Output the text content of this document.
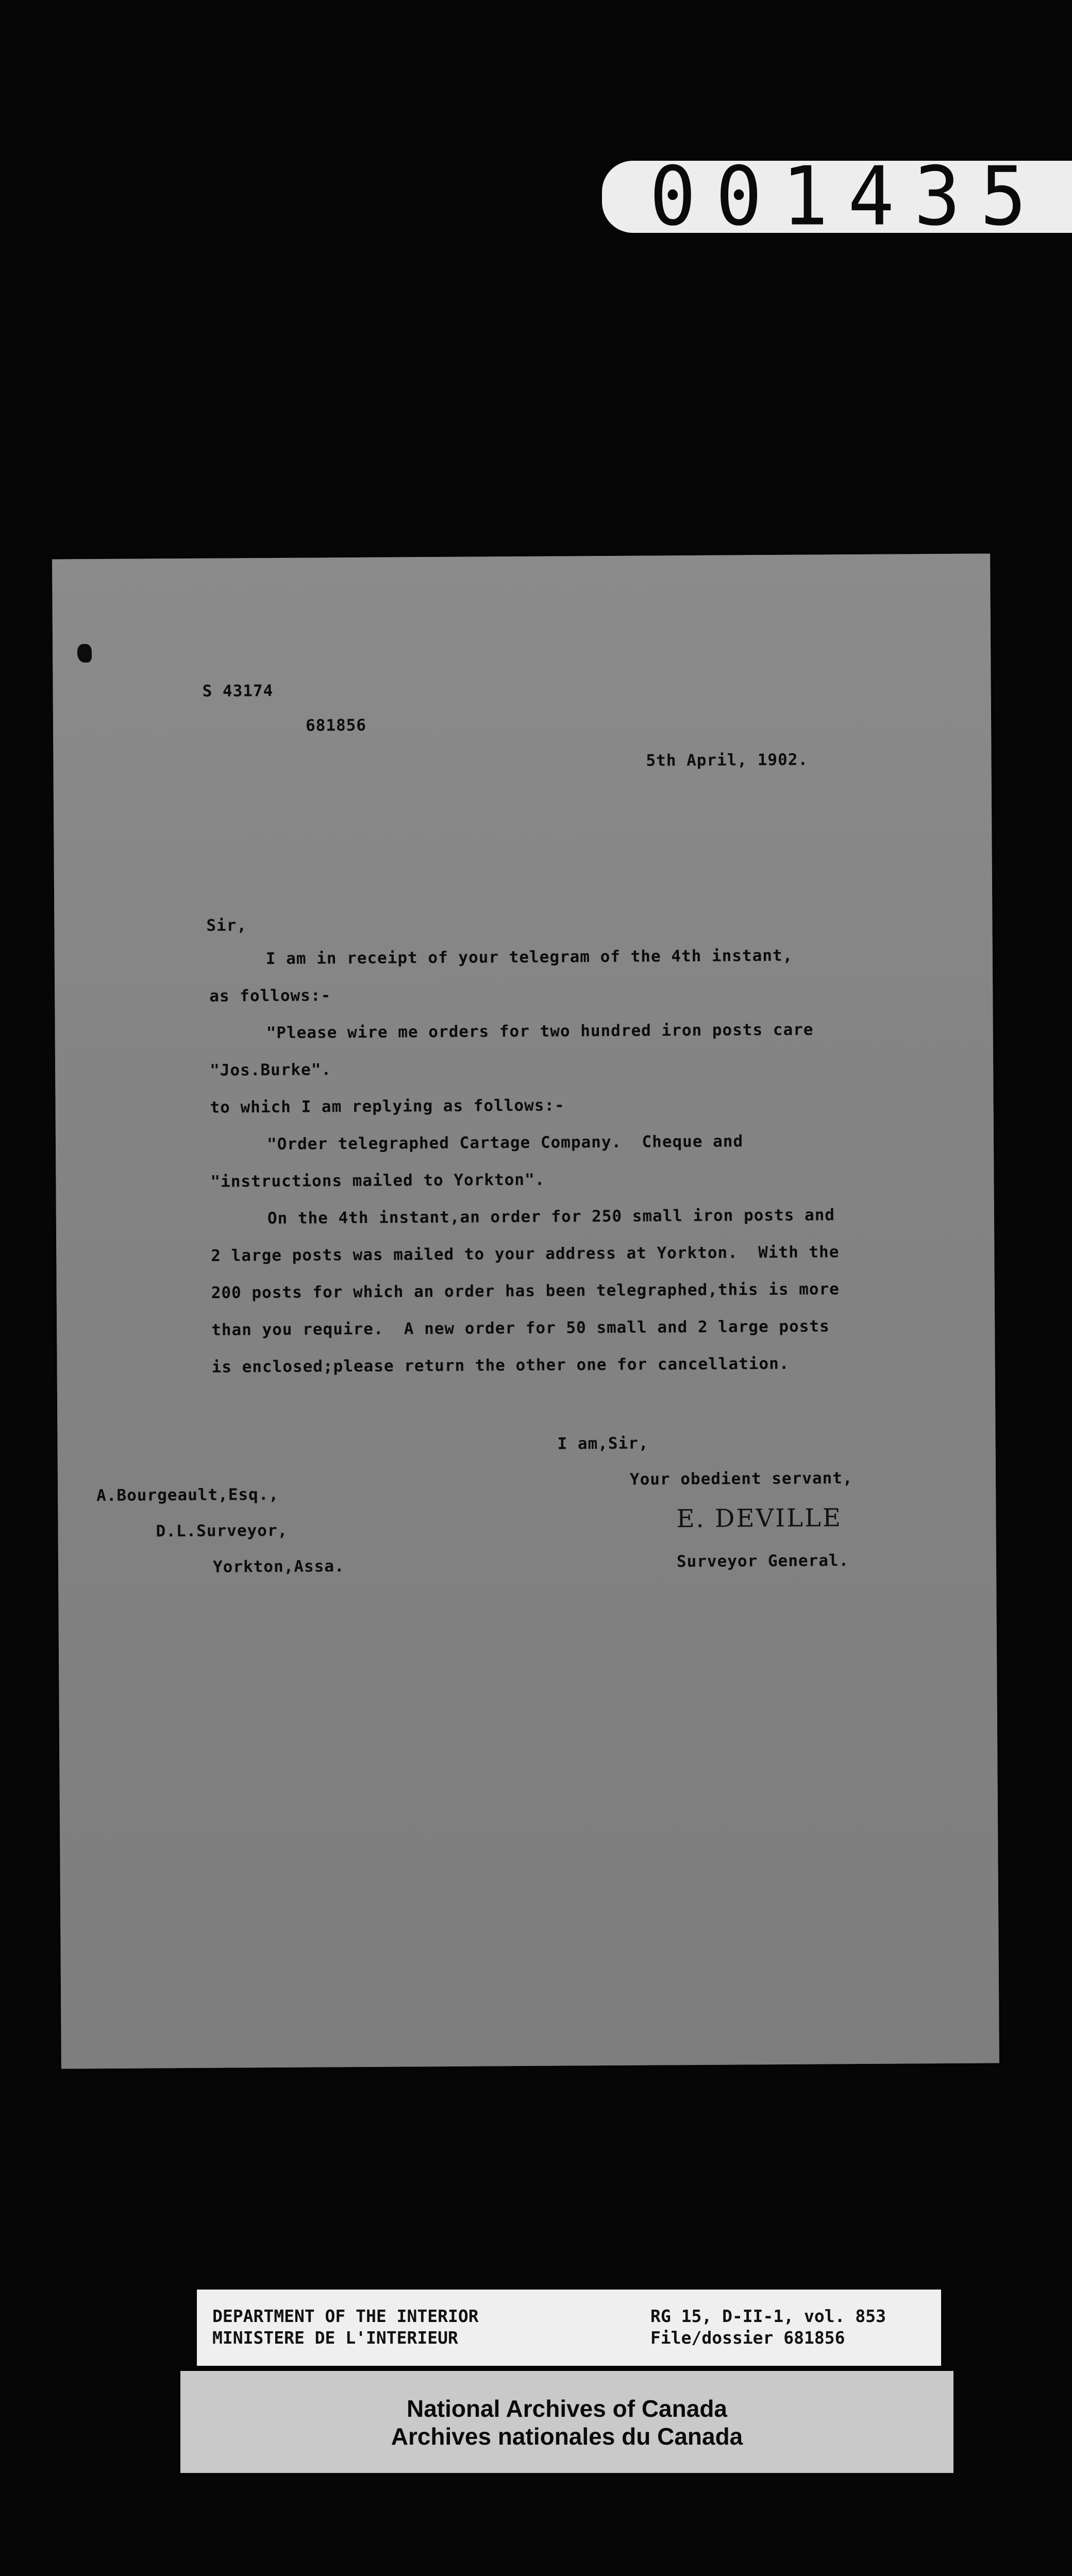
001435
S 43174
681856
5th April, 1902.
Sir,
I am in receipt of your telegram of the 4th instant,
as follows:-
"Please wire me orders for two hundred iron posts care
"Jos.Burke".
to which I am replying as follows:-
"Order telegraphed Cartage Company.  Cheque and
"instructions mailed to Yorkton".
On the 4th instant,an order for 250 small iron posts and
2 large posts was mailed to your address at Yorkton.  With the
200 posts for which an order has been telegraphed,this is more
than you require.  A new order for 50 small and 2 large posts
is enclosed;please return the other one for cancellation.
I am,Sir,
Your obedient servant,
E. DEVILLE
Surveyor General.
A.Bourgeault,Esq.,
D.L.Surveyor,
Yorkton,Assa.
DEPARTMENT OF THE INTERIOR
MINISTERE DE L'INTERIEUR
RG 15, D-II-1, vol. 853
File/dossier 681856
National Archives of Canada
Archives nationales du Canada
